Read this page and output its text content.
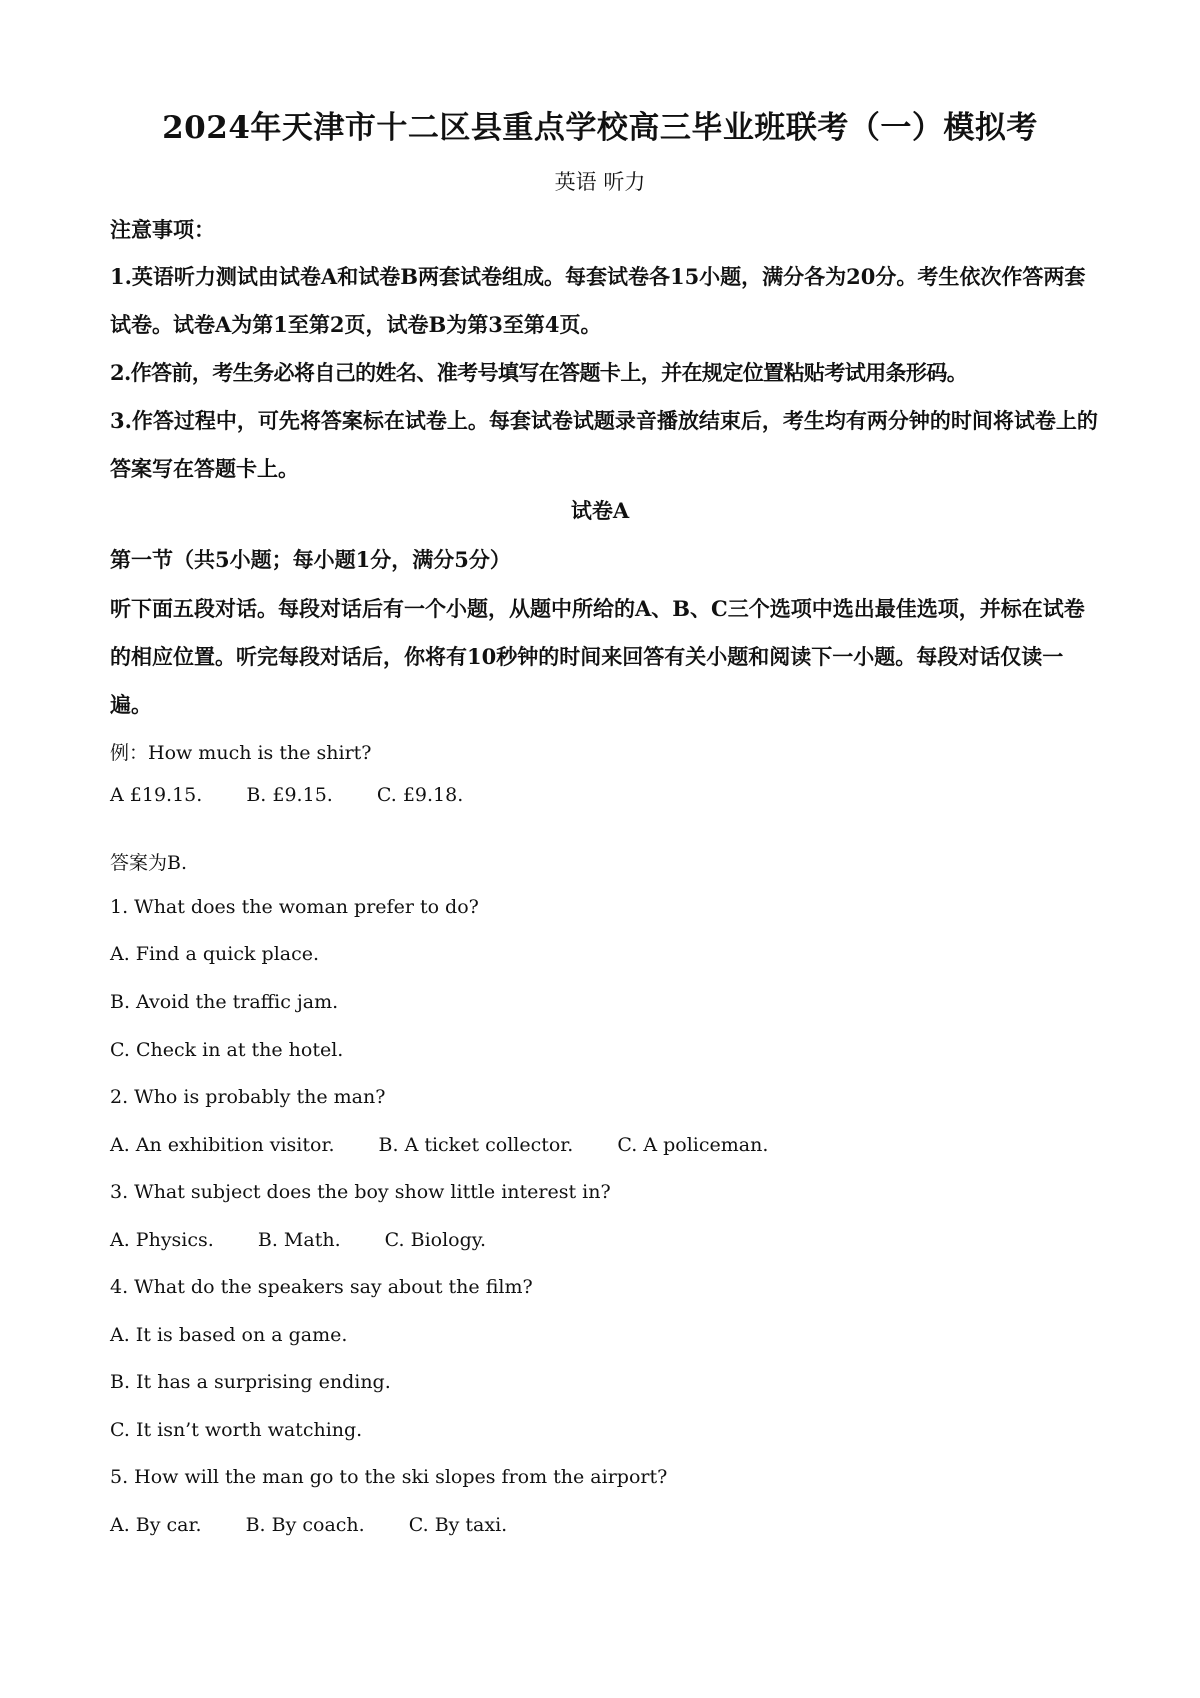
2024年天津市十二区县重点学校高三毕业班联考（一）模拟考
英语 听力
注意事项：

1.英语听力测试由试卷A和试卷B两套试卷组成。每套试卷各15小题，满分各为20分。考生依次作答两套试卷。试卷A为第1至第2页，试卷B为第3至第4页。

2.作答前，考生务必将自己的姓名、准考号填写在答题卡上，并在规定位置粘贴考试用条形码。

3.作答过程中，可先将答案标在试卷上。每套试卷试题录音播放结束后，考生均有两分钟的时间将试卷上的答案写在答题卡上。

试卷A
第一节（共5小题；每小题1分，满分5分）

听下面五段对话。每段对话后有一个小题，从题中所给的A、B、C三个选项中选出最佳选项，并标在试卷的相应位置。听完每段对话后，你将有10秒钟的时间来回答有关小题和阅读下一小题。每段对话仅读一遍。

例：How much is the shirt?
A £19.15. B. £9.15. C. £9.18.
答案为B.
1. What does the woman prefer to do?
A. Find a quick place.
B. Avoid the traffic jam.
C. Check in at the hotel.
2. Who is probably the man?
A. An exhibition visitor. B. A ticket collector. C. A policeman.
3. What subject does the boy show little interest in?
A. Physics. B. Math. C. Biology.
4. What do the speakers say about the film?
A. It is based on a game.
B. It has a surprising ending.
C. It isn’t worth watching.
5. How will the man go to the ski slopes from the airport?
A. By car. B. By coach. C. By taxi.
